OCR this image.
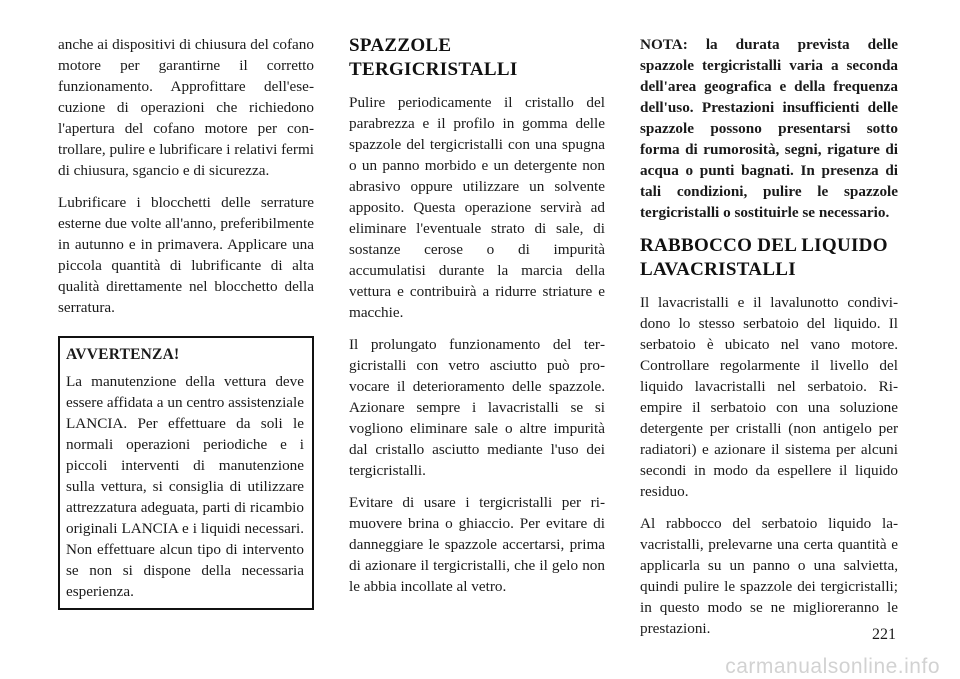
anche ai dispositivi di chiusura del cofano motore per garantirne il corretto funzionamento. Approfittare dell'esecuzione di operazioni che richiedono l'apertura del cofano motore per controllare, pulire e lubrificare i relativi fermi di chiusura, sgancio e di sicurezza.

Lubrificare i blocchetti delle serrature esterne due volte all'anno, preferibilmente in autunno e in primavera. Applicare una piccola quantità di lubrificante di alta qualità direttamente nel blocchetto della serratura.

AVVERTENZA!

La manutenzione della vettura deve essere affidata a un centro assistenziale LANCIA. Per effettuare da soli le normali operazioni periodiche e i piccoli interventi di manutenzione sulla vettura, si consiglia di utilizzare attrezzatura adeguata, parti di ricambio originali LANCIA e i liquidi necessari. Non effettuare alcun tipo di intervento se non si dispone della necessaria esperienza.

SPAZZOLE TERGICRISTALLI

Pulire periodicamente il cristallo del parabrezza e il profilo in gomma delle spazzole del tergicristalli con una spugna o un panno morbido e un detergente non abrasivo oppure utilizzare un solvente apposito. Questa operazione servirà ad eliminare l'eventuale strato di sale, di sostanze cerose o di impurità accumulatisi durante la marcia della vettura e contribuirà a ridurre striature e macchie.

Il prolungato funzionamento del tergicristalli con vetro asciutto può provocare il deterioramento delle spazzole. Azionare sempre i lavacristalli se si vogliono eliminare sale o altre impurità dal cristallo asciutto mediante l'uso dei tergicristalli.

Evitare di usare i tergicristalli per rimuovere brina o ghiaccio. Per evitare di danneggiare le spazzole accertarsi, prima di azionare il tergicristalli, che il gelo non le abbia incollate al vetro.

NOTA: la durata prevista delle spazzole tergicristalli varia a seconda dell'area geografica e della frequenza dell'uso. Prestazioni insufficienti delle spazzole possono presentarsi sotto forma di rumorosità, segni, rigature di acqua o punti bagnati. In presenza di tali condizioni, pulire le spazzole tergicristalli o sostituirle se necessario.

RABBOCCO DEL LIQUIDO LAVACRISTALLI

Il lavacristalli e il lavalunotto condividono lo stesso serbatoio del liquido. Il serbatoio è ubicato nel vano motore. Controllare regolarmente il livello del liquido lavacristalli nel serbatoio. Riempire il serbatoio con una soluzione detergente per cristalli (non antigelo per radiatori) e azionare il sistema per alcuni secondi in modo da espellere il liquido residuo.

Al rabbocco del serbatoio liquido lavacristalli, prelevarne una certa quantità e applicarla su un panno o una salvietta, quindi pulire le spazzole dei tergicristalli; in questo modo se ne miglioreranno le prestazioni.	221
carmanualsonline.info
